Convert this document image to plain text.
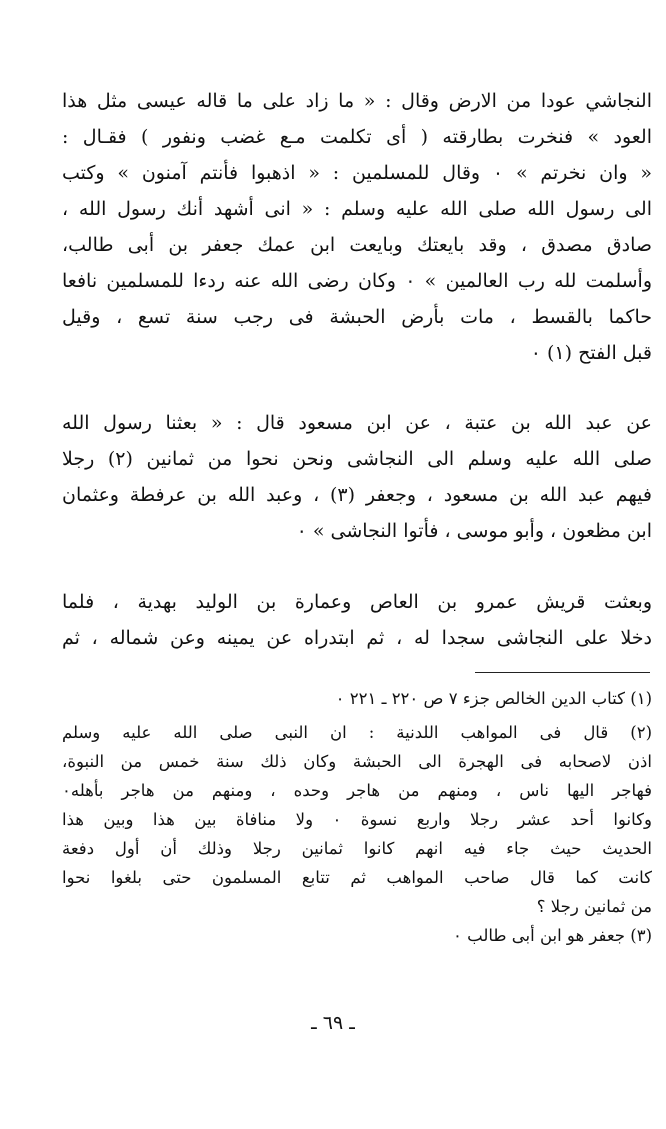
النجاشي عودا من الارض وقال : « ما زاد على ما قاله عيسى مثل هذا
العود » فنخرت بطارقته ( أى تكلمت مـع غضب ونفور ) فقـال :
« وان نخرتم » ٠ وقال للمسلمين : « اذهبوا فأنتم آمنون » وكتب
الى رسول الله صلى الله عليه وسلم : « انى أشهد أنك رسول الله ،
صادق مصدق ، وقد بايعتك وبايعت ابن عمك جعفر بن أبى طالب،
وأسلمت لله رب العالمين » ٠ وكان رضى الله عنه ردءا للمسلمين نافعا
حاكما بالقسط ، مات بأرض الحبشة فى رجب سنة تسع ، وقيل
قبل الفتح (١) ٠
عن عبد الله بن عتبة ، عن ابن مسعود قال : « بعثنا رسول الله
صلى الله عليه وسلم الى النجاشى ونحن نحوا من ثمانين (٢) رجلا
فيهم عبد الله بن مسعود ، وجعفر (٣) ، وعبد الله بن عرفطة وعثمان
ابن مظعون ، وأبو موسى ، فأتوا النجاشى » ٠
وبعثت قريش عمرو بن العاص وعمارة بن الوليد بهدية ، فلما
دخلا على النجاشى سجدا له ، ثم ابتدراه عن يمينه وعن شماله ، ثم
(١) كتاب الدين الخالص جزء ٧ ص ٢٢٠ ـ ٢٢١ ٠
(٢) قال فى المواهب اللدنية : ان النبى صلى الله عليه وسلم
اذن لاصحابه فى الهجرة الى الحبشة وكان ذلك سنة خمس من النبوة،
فهاجر اليها ناس ، ومنهم من هاجر وحده ، ومنهم من هاجر بأهله٠
وكانوا أحد عشر رجلا واربع نسوة ٠ ولا منافاة بين هذا وبين هذا
الحديث حيث جاء فيه انهم كانوا ثمانين رجلا وذلك أن أول دفعة
كانت كما قال صاحب المواهب ثم تتابع المسلمون حتى بلغوا نحوا
من ثمانين رجلا ؟
(٣) جعفر هو ابن أبى طالب ٠
ـ ٦٩ ـ
